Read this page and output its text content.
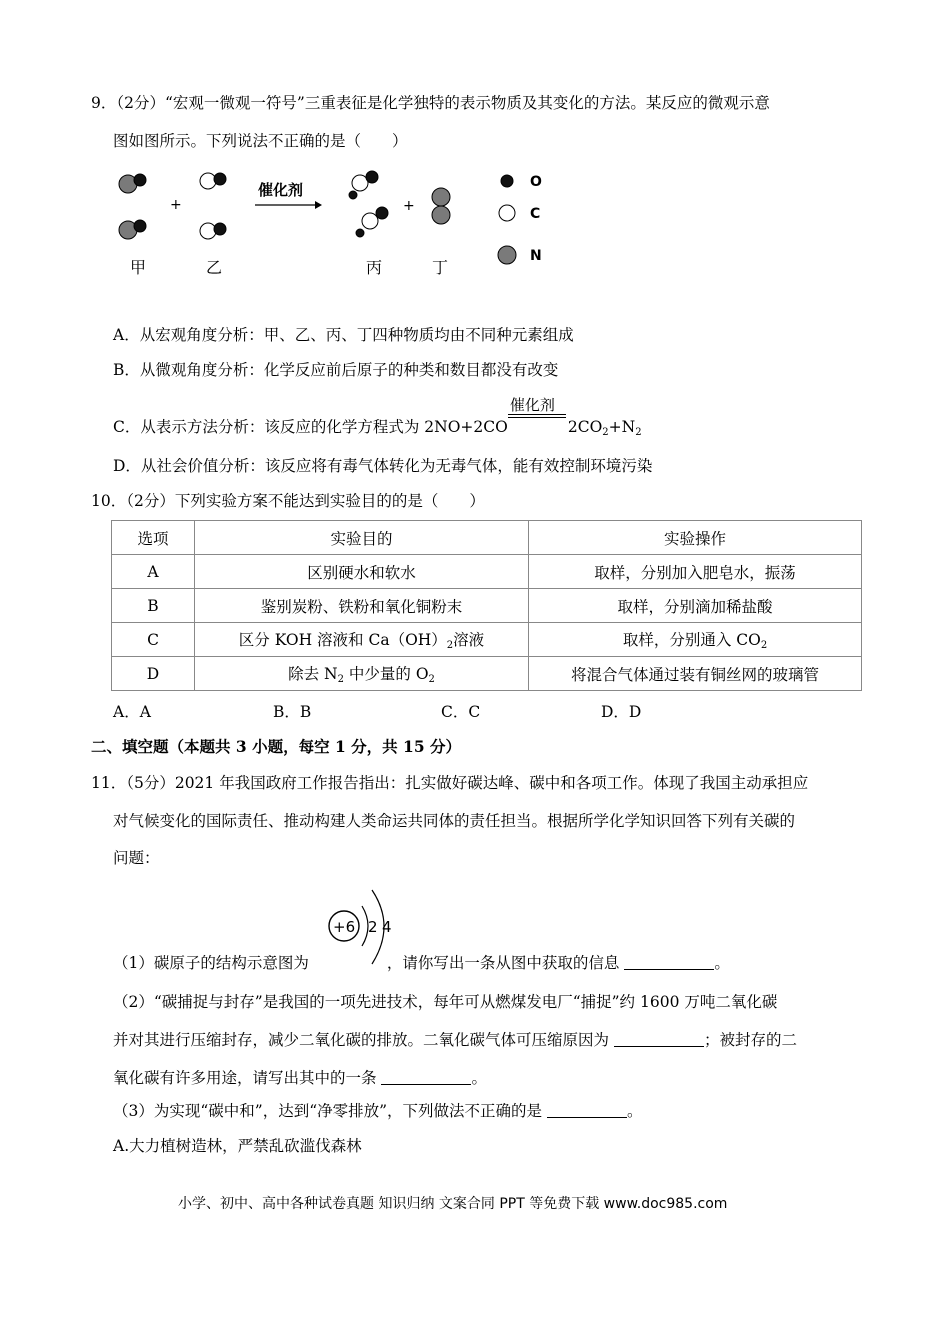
9．（2分）“宏观一微观一符号”三重表征是化学独特的表示物质及其变化的方法。某反应的微观示意
图如图所示。下列说法不正确的是（　　）
+
催化剂
+
甲	乙	丙	丁
O
C
N
A．从宏观角度分析：甲、乙、丙、丁四种物质均由不同种元素组成
B．从微观角度分析：化学反应前后原子的种类和数目都没有改变
C．从表示方法分析：该反应的化学方程式为 2NO+2CO
催化剂
$2CO_2+N_2$
D．从社会价值分析：该反应将有毒气体转化为无毒气体，能有效控制环境污染
10．（2分）下列实验方案不能达到实验目的的是（　　）
选项	实验目的	实验操作
A	区别硬水和软水	取样，分别加入肥皂水，振荡
B	鉴别炭粉、铁粉和氧化铜粉末	取样，分别滴加稀盐酸
C	区分 KOH 溶液和 $Ca(OH)_2$溶液	取样，分别通入 $CO_2$
D	除去 $N_2$ 中少量的 $O_2$	将混合气体通过装有铜丝网的玻璃管
A．A	B．B	C．C	D．D
二、填空题（本题共 3 小题，每空 1 分，共 15 分）
11．（5分）2021 年我国政府工作报告指出：扎实做好碳达峰、碳中和各项工作。体现了我国主动承担应
对气候变化的国际责任、推动构建人类命运共同体的责任担当。根据所学化学知识回答下列有关碳的
问题：
+6 2 4
（1）碳原子的结构示意图为	，请你写出一条从图中获取的信息	。
（2）“碳捕捉与封存”是我国的一项先进技术，每年可从燃煤发电厂“捕捉”约 1600 万吨二氧化碳
并对其进行压缩封存，减少二氧化碳的排放。二氧化碳气体可压缩原因为	；被封存的二
氧化碳有许多用途，请写出其中的一条	。
（3）为实现“碳中和”，达到“净零排放”，下列做法不正确的是	。
A.大力植树造林，严禁乱砍滥伐森林
小学、初中、高中各种试卷真题 知识归纳 文案合同 PPT 等免费下载 www.doc985.com
